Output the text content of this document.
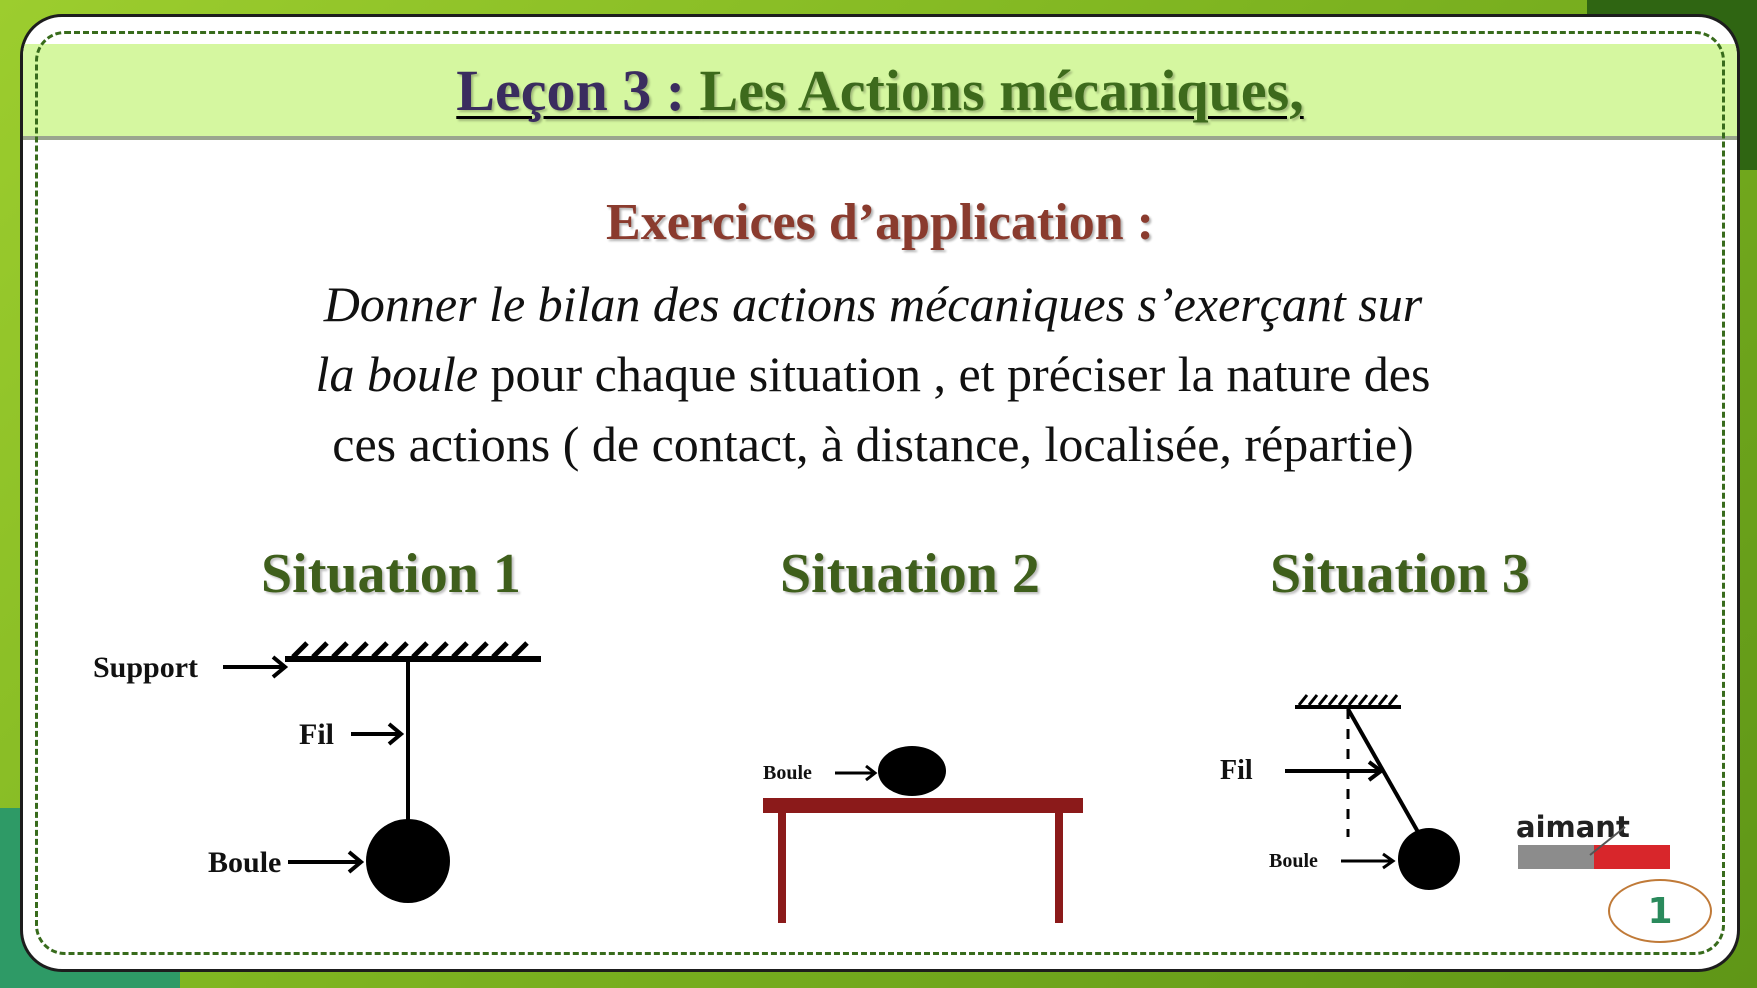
Leçon 3 : Les Actions mécaniques,
Exercices d’application :
Donner le bilan des actions mécaniques s’exerçant sur
la boule pour chaque situation , et préciser la nature des
ces actions ( de contact, à distance, localisée, répartie)
Situation 1	Situation 2	Situation 3
Support
Fil
Boule
Boule	Fil
Boule
aimant
1
